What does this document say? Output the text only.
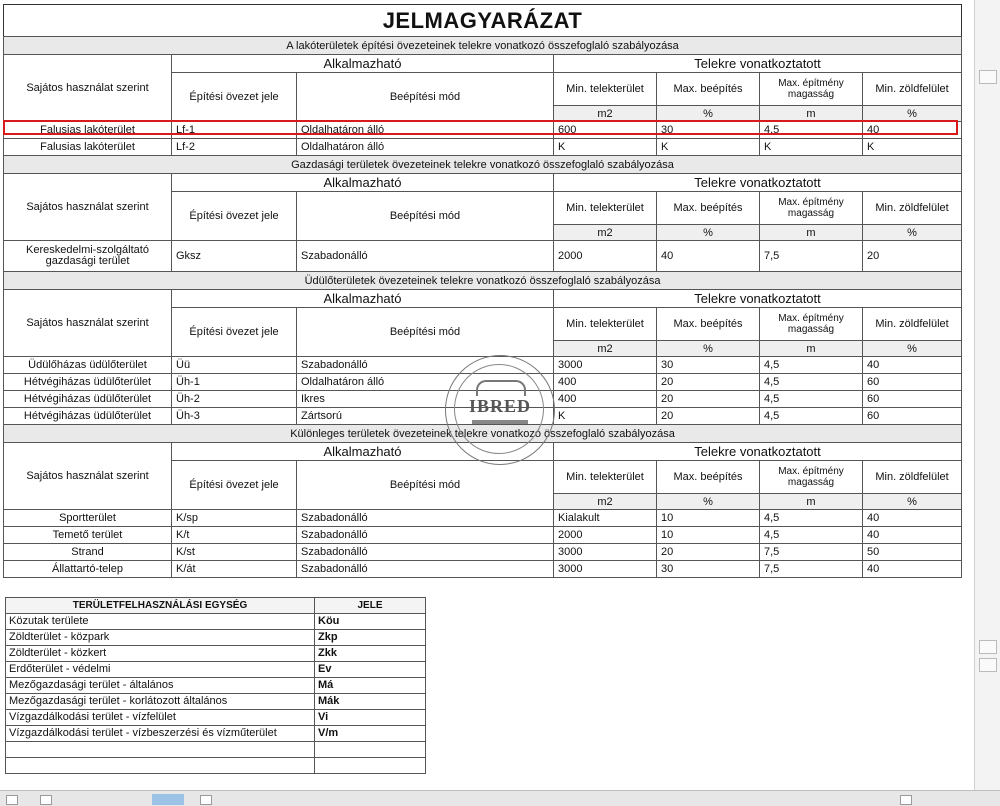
JELMAGYARÁZAT
A lakóterületek építési övezeteinek telekre vonatkozó összefoglaló szabályozása						
Sajátos használat szerint	Alkalmazható		Telekre vonatkoztatott			
	Építési övezet jele	Beépítési mód	Min. telekterület	Max. beépítés	Max. építmény magasság	Min. zöldfelület
			m2	%	m	%
Falusias lakóterület	Lf-1	Oldalhatáron álló	600	30	4,5	40
Falusias lakóterület	Lf-2	Oldalhatáron álló	K	K	K	K
Gazdasági területek övezeteinek telekre vonatkozó összefoglaló szabályozása						
Sajátos használat szerint	Alkalmazható		Telekre vonatkoztatott			
	Építési övezet jele	Beépítési mód	Min. telekterület	Max. beépítés	Max. építmény magasság	Min. zöldfelület
			m2	%	m	%
Kereskedelmi-szolgáltató gazdasági terület	Gksz	Szabadonálló	2000	40	7,5	20
Üdülőterületek övezeteinek telekre vonatkozó összefoglaló szabályozása						
Sajátos használat szerint	Alkalmazható		Telekre vonatkoztatott			
	Építési övezet jele	Beépítési mód	Min. telekterület	Max. beépítés	Max. építmény magasság	Min. zöldfelület
			m2	%	m	%
Üdülőházas üdülőterület	Üü	Szabadonálló	3000	30	4,5	40
Hétvégiházas üdülőterület	Üh-1	Oldalhatáron álló	400	20	4,5	60
Hétvégiházas üdülőterület	Üh-2	Ikres	400	20	4,5	60
Hétvégiházas üdülőterület	Üh-3	Zártsorú	K	20	4,5	60
Különleges területek övezeteinek telekre vonatkozó összefoglaló szabályozása						
Sajátos használat szerint	Alkalmazható		Telekre vonatkoztatott			
	Építési övezet jele	Beépítési mód	Min. telekterület	Max. beépítés	Max. építmény magasság	Min. zöldfelület
			m2	%	m	%
Sportterület	K/sp	Szabadonálló	Kialakult	10	4,5	40
Temető terület	K/t	Szabadonálló	2000	10	4,5	40
Strand	K/st	Szabadonálló	3000	20	7,5	50
Állattartó-telep	K/át	Szabadonálló	3000	30	7,5	40
IBRED
TERÜLETFELHASZNÁLÁSI EGYSÉG	JELE
Közutak területe	Köu
Zöldterület - közpark	Zkp
Zöldterület - közkert	Zkk
Erdőterület - védelmi	Ev
Mezőgazdasági terület - általános	Má
Mezőgazdasági terület - korlátozott általános	Mák
Vízgazdálkodási terület - vízfelület	Vi
Vízgazdálkodási terület - vízbeszerzési és vízműterület	V/m
